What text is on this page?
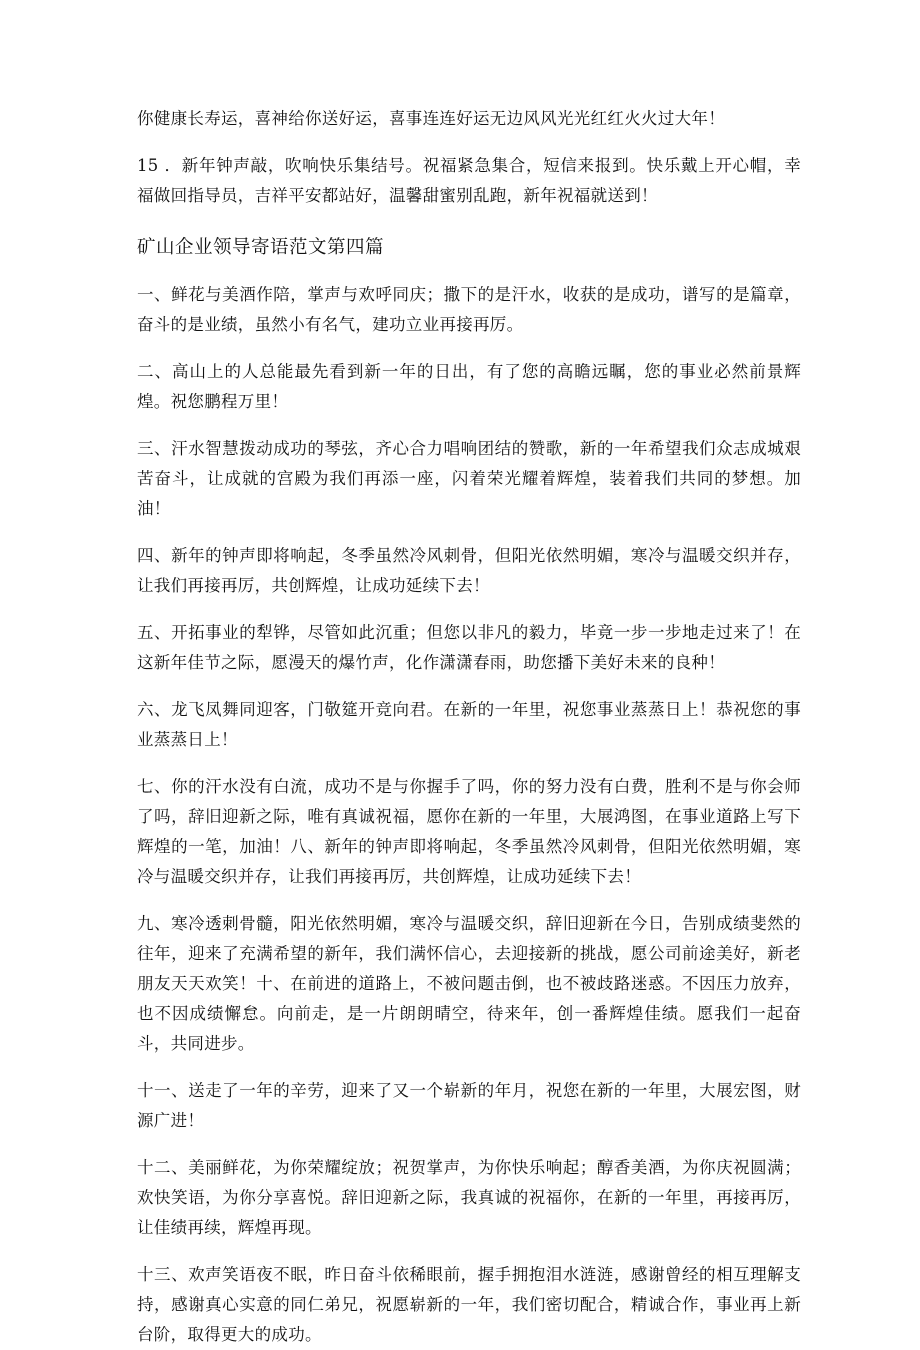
你健康长寿运，喜神给你送好运，喜事连连好运无边风风光光红红火火过大年！

15 ．新年钟声敲，吹响快乐集结号。祝福紧急集合，短信来报到。快乐戴上开心帽，幸福做回指导员，吉祥平安都站好，温馨甜蜜别乱跑，新年祝福就送到！

矿山企业领导寄语范文第四篇

一、鲜花与美酒作陪，掌声与欢呼同庆；撒下的是汗水，收获的是成功，谱写的是篇章，奋斗的是业绩，虽然小有名气，建功立业再接再厉。

二、高山上的人总能最先看到新一年的日出，有了您的高瞻远瞩，您的事业必然前景辉煌。祝您鹏程万里！

三、汗水智慧拨动成功的琴弦，齐心合力唱响团结的赞歌，新的一年希望我们众志成城艰苦奋斗，让成就的宫殿为我们再添一座，闪着荣光耀着辉煌，装着我们共同的梦想。加油！

四、新年的钟声即将响起，冬季虽然冷风刺骨，但阳光依然明媚，寒冷与温暖交织并存，让我们再接再厉，共创辉煌，让成功延续下去！

五、开拓事业的犁铧，尽管如此沉重；但您以非凡的毅力，毕竟一步一步地走过来了！在这新年佳节之际，愿漫天的爆竹声，化作潇潇春雨，助您播下美好未来的良种！

六、龙飞凤舞同迎客，门敬筵开竞向君。在新的一年里，祝您事业蒸蒸日上！恭祝您的事业蒸蒸日上！

七、你的汗水没有白流，成功不是与你握手了吗，你的努力没有白费，胜利不是与你会师了吗，辞旧迎新之际，唯有真诚祝福，愿你在新的一年里，大展鸿图，在事业道路上写下辉煌的一笔，加油！八、新年的钟声即将响起，冬季虽然冷风刺骨，但阳光依然明媚，寒冷与温暖交织并存，让我们再接再厉，共创辉煌，让成功延续下去！

九、寒冷透刺骨髓，阳光依然明媚，寒冷与温暖交织，辞旧迎新在今日，告别成绩斐然的往年，迎来了充满希望的新年，我们满怀信心，去迎接新的挑战，愿公司前途美好，新老朋友天天欢笑！十、在前进的道路上，不被问题击倒，也不被歧路迷惑。不因压力放弃，也不因成绩懈怠。向前走，是一片朗朗晴空，待来年，创一番辉煌佳绩。愿我们一起奋斗，共同进步。

十一、送走了一年的辛劳，迎来了又一个崭新的年月，祝您在新的一年里，大展宏图，财源广进！

十二、美丽鲜花，为你荣耀绽放；祝贺掌声，为你快乐响起；醇香美酒，为你庆祝圆满；欢快笑语，为你分享喜悦。辞旧迎新之际，我真诚的祝福你，在新的一年里，再接再厉，让佳绩再续，辉煌再现。

十三、欢声笑语夜不眠，昨日奋斗依稀眼前，握手拥抱泪水涟涟，感谢曾经的相互理解支持，感谢真心实意的同仁弟兄，祝愿崭新的一年，我们密切配合，精诚合作，事业再上新台阶，取得更大的成功。
